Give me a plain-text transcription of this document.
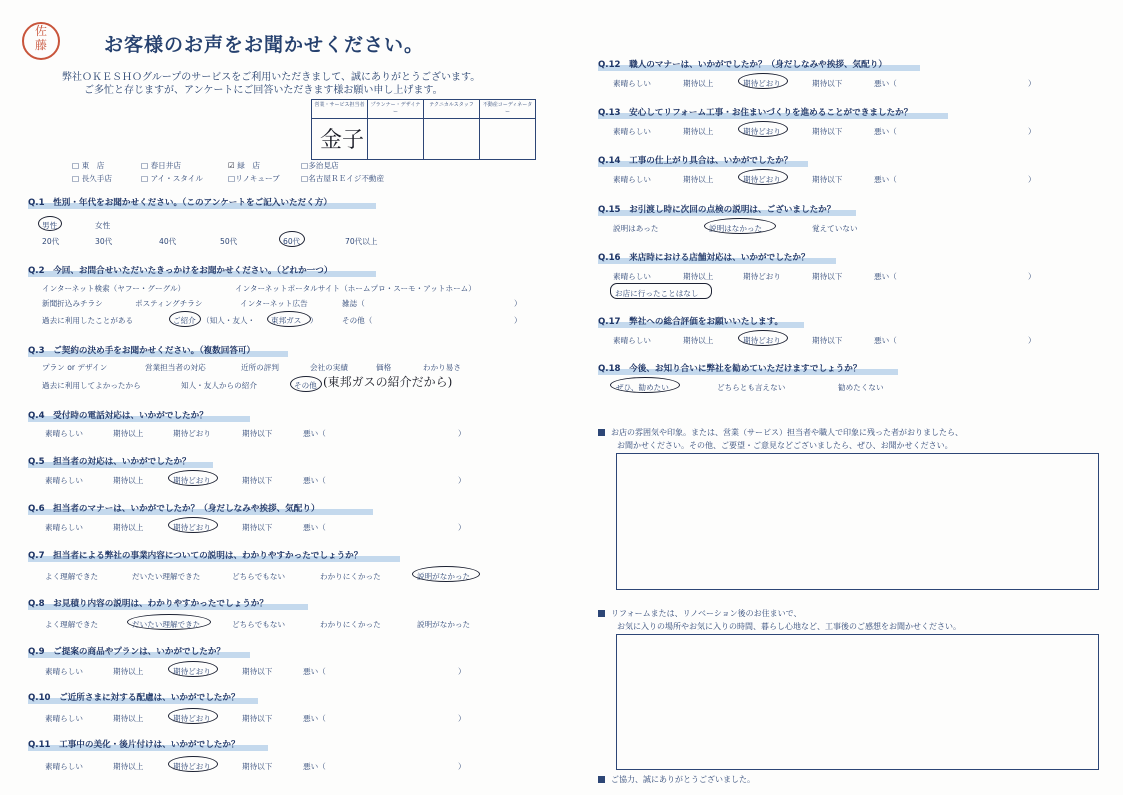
佐
藤	お客様のお声をお聞かせください。
弊社ＯＫＥＳＨＯグループのサービスをご利用いただきまして、誠にありがとうございます。
ご多忙と存じますが、アンケートにご回答いただきます様お願い申し上げます。
営業・サービス担当者	プランナー・デザイナー	テクニカルスタッフ	不動産コーディネーター

金子			

□ 東　店	□ 春日井店	☑ 緑　店	□多治見店
□ 長久手店	□ アイ・スタイル	□リノキューブ	□名古屋ＲＥイジ不動産
Q.1　性別・年代をお聞かせください。（このアンケートをご記入いただく方）
男性	女性
20代	30代	40代	50代	60代	70代以上
Q.2　今回、お問合せいただいたきっかけをお聞かせください。（どれか一つ）
インターネット検索（ヤフー・グーグル）	インターネットポータルサイト（ホームプロ・スーモ・アットホーム）
新聞折込みチラシ	ポスティングチラシ	インターネット広告	雑誌（	）
過去に利用したことがある	ご紹介 （知人・友人・ 東邦ガス ）	その他（	）
Q.3　ご契約の決め手をお聞かせください。（複数回答可）
プラン or デザイン	営業担当者の対応	近所の評判	会社の実績	価格	わかり易さ
過去に利用してよかったから	知人・友人からの紹介	その他 (東邦ガスの紹介だから)
Q.4　受付時の電話対応は、いかがでしたか？
素晴らしい	期待以上	期待どおり	期待以下	悪い（	）
Q.5　担当者の対応は、いかがでしたか？
素晴らしい	期待以上	期待どおり	期待以下	悪い（	）
Q.6　担当者のマナーは、いかがでしたか？（身だしなみや挨拶、気配り）
素晴らしい	期待以上	期待どおり	期待以下	悪い（	）
Q.7　担当者による弊社の事業内容についての説明は、わかりやすかったでしょうか？
よく理解できた	だいたい理解できた	どちらでもない	わかりにくかった	説明がなかった
Q.8　お見積り内容の説明は、わかりやすかったでしょうか？
よく理解できた	だいたい理解できた	どちらでもない	わかりにくかった	説明がなかった
Q.9　ご提案の商品やプランは、いかがでしたか？
素晴らしい	期待以上	期待どおり	期待以下	悪い（	）
Q.10　ご近所さまに対する配慮は、いかがでしたか？
素晴らしい	期待以上	期待どおり	期待以下	悪い（	）
Q.11　工事中の美化・後片付けは、いかがでしたか？
素晴らしい	期待以上	期待どおり	期待以下	悪い（	）
Q.12　職人のマナーは、いかがでしたか？（身だしなみや挨拶、気配り）
素晴らしい	期待以上	期待どおり	期待以下	悪い（	）
Q.13　安心してリフォーム工事・お住まいづくりを進めることができましたか？
素晴らしい	期待以上	期待どおり	期待以下	悪い（	）
Q.14　工事の仕上がり具合は、いかがでしたか？
素晴らしい	期待以上	期待どおり	期待以下	悪い（	）
Q.15　お引渡し時に次回の点検の説明は、ございましたか？
説明はあった	説明はなかった	覚えていない
Q.16　来店時における店舗対応は、いかがでしたか？
素晴らしい	期待以上	期待どおり	期待以下	悪い（	）
お店に行ったことはなし
Q.17　弊社への総合評価をお願いいたします。
素晴らしい	期待以上	期待どおり	期待以下	悪い（	）
Q.18　今後、お知り合いに弊社を勧めていただけますでしょうか？
ぜひ、勧めたい	どちらとも言えない	勧めたくない
お店の雰囲気や印象。または、営業（サービス）担当者や職人で印象に残った者がおりましたら、
お聞かせください。その他、ご要望・ご意見などございましたら、ぜひ、お聞かせください。
リフォームまたは、リノベーション後のお住まいで、
お気に入りの場所やお気に入りの時間、暮らし心地など、工事後のご感想をお聞かせください。
ご協力、誠にありがとうございました。
